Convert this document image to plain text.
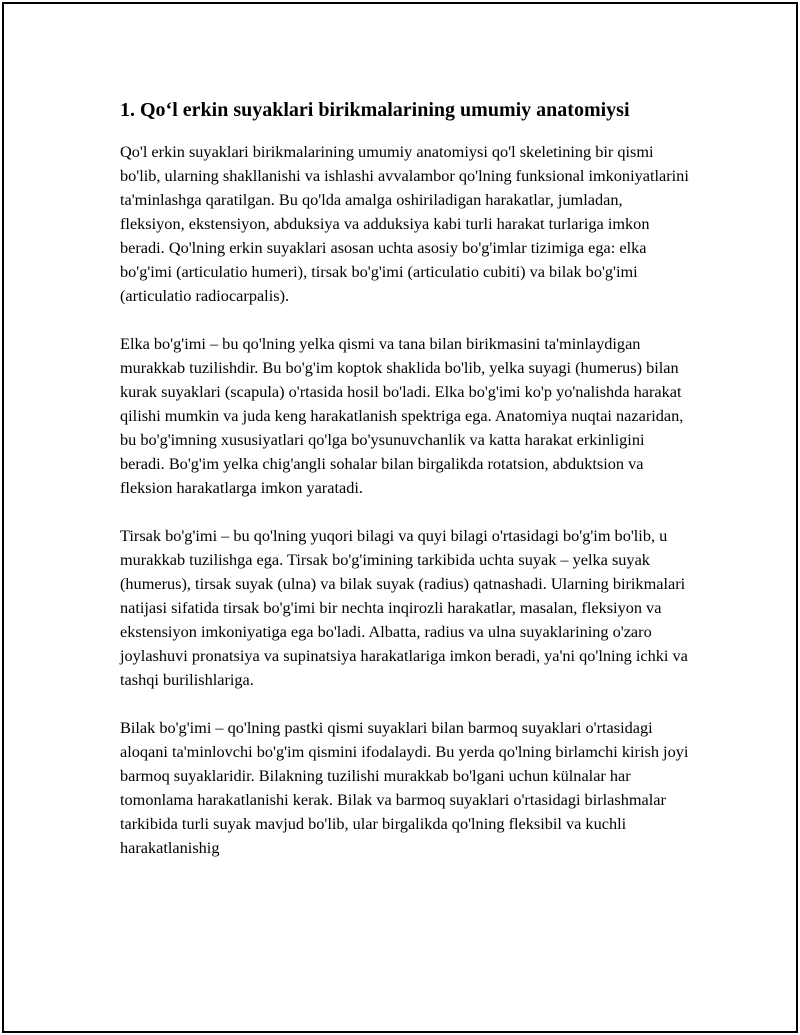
1. Qo‘l erkin suyaklari birikmalarining umumiy anatomiysi

Qo'l erkin suyaklari birikmalarining umumiy anatomiysi qo'l skeletining bir qismi bo'lib, ularning shakllanishi va ishlashi avvalambor qo'lning funksional imkoniyatlarini ta'minlashga qaratilgan. Bu qo'lda amalga oshiriladigan harakatlar, jumladan, fleksiyon, ekstensiyon, abduksiya va adduksiya kabi turli harakat turlariga imkon beradi. Qo'lning erkin suyaklari asosan uchta asosiy bo'g'imlar tizimiga ega: elka bo'g'imi (articulatio humeri), tirsak bo'g'imi (articulatio cubiti) va bilak bo'g'imi (articulatio radiocarpalis).

Elka bo'g'imi – bu qo'lning yelka qismi va tana bilan birikmasini ta'minlaydigan murakkab tuzilishdir. Bu bo'g'im koptok shaklida bo'lib, yelka suyagi (humerus) bilan kurak suyaklari (scapula) o'rtasida hosil bo'ladi. Elka bo'g'imi ko'p yo'nalishda harakat qilishi mumkin va juda keng harakatlanish spektriga ega. Anatomiya nuqtai nazaridan, bu bo'g'imning xususiyatlari qo'lga bo'ysunuvchanlik va katta harakat erkinligini beradi. Bo'g'im yelka chig'angli sohalar bilan birgalikda rotatsion, abduktsion va fleksion harakatlarga imkon yaratadi.

Tirsak bo'g'imi – bu qo'lning yuqori bilagi va quyi bilagi o'rtasidagi bo'g'im bo'lib, u murakkab tuzilishga ega. Tirsak bo'g'imining tarkibida uchta suyak – yelka suyak (humerus), tirsak suyak (ulna) va bilak suyak (radius) qatnashadi. Ularning birikmalari natijasi sifatida tirsak bo'g'imi bir nechta inqirozli harakatlar, masalan, fleksiyon va ekstensiyon imkoniyatiga ega bo'ladi. Albatta, radius va ulna suyaklarining o'zaro joylashuvi pronatsiya va supinatsiya harakatlariga imkon beradi, ya'ni qo'lning ichki va tashqi burilishlariga.

Bilak bo'g'imi – qo'lning pastki qismi suyaklari bilan barmoq suyaklari o'rtasidagi aloqani ta'minlovchi bo'g'im qismini ifodalaydi. Bu yerda qo'lning birlamchi kirish joyi barmoq suyaklaridir. Bilakning tuzilishi murakkab bo'lgani uchun külnalar har tomonlama harakatlanishi kerak. Bilak va barmoq suyaklari o'rtasidagi birlashmalar tarkibida turli suyak mavjud bo'lib, ular birgalikda qo'lning fleksibil va kuchli harakatlanishig
